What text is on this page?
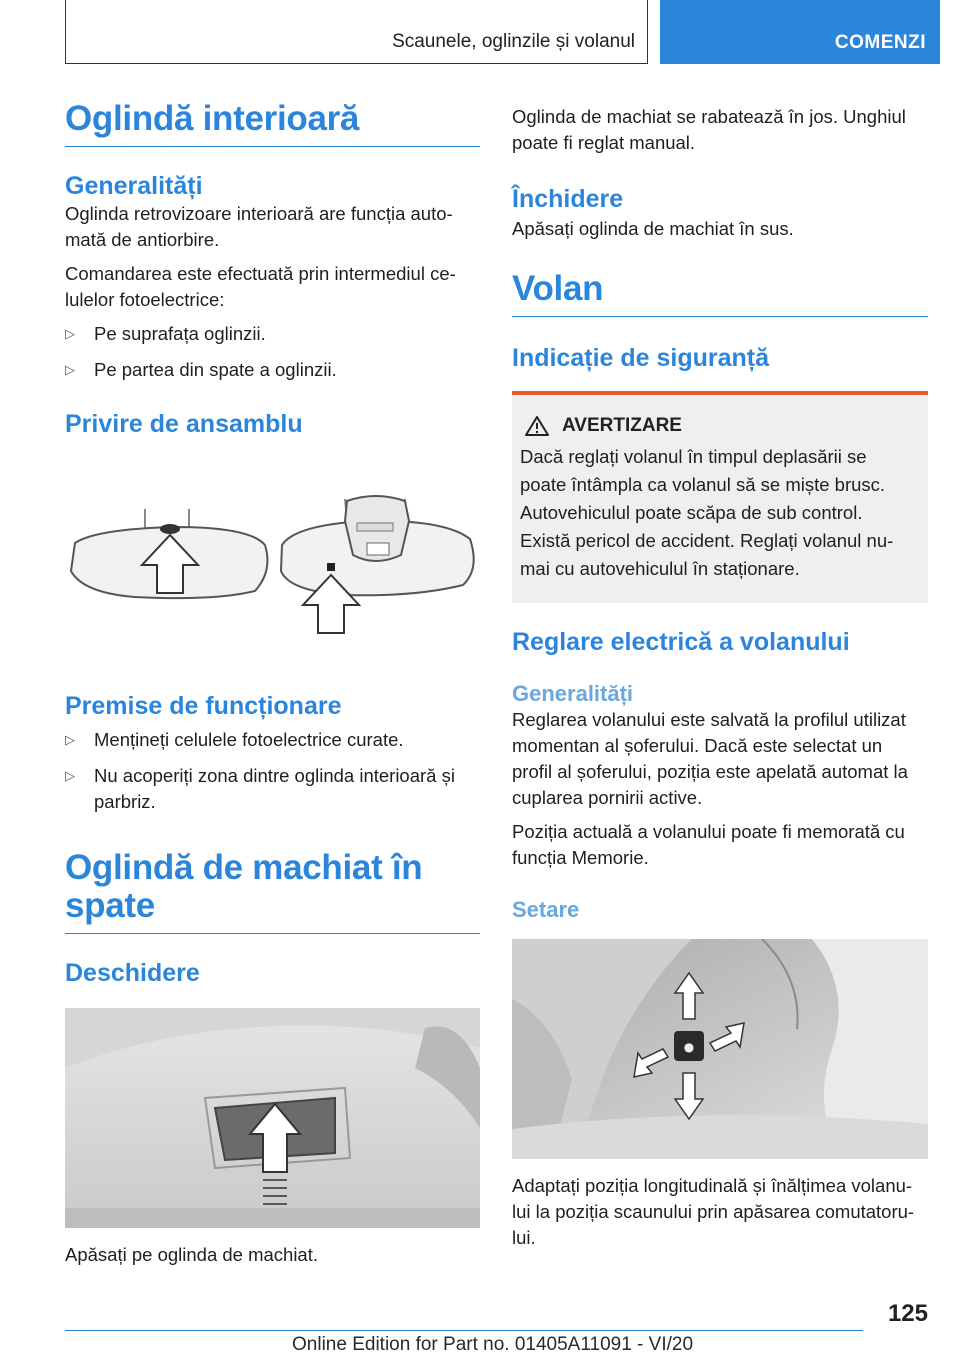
Scaunele, oglinzile și volanul	COMENZI
Oglindă interioară
Generalități

Oglinda retrovizoare interioară are funcția auto-
mată de antiorbire.

Comandarea este efectuată prin intermediul ce-
lulelor fotoelectrice:

▷ Pe suprafața oglinzii.
▷ Pe partea din spate a oglinzii.
Privire de ansamblu
Premise de funcționare
▷ Mențineți celulele fotoelectrice curate.
▷ Nu acoperiți zona dintre oglinda interioară și
parbriz.
Oglindă de machiat în
spate
Deschidere

Apăsați pe oglinda de machiat.

Oglinda de machiat se rabatează în jos. Unghiul
poate fi reglat manual.

Închidere

Apăsați oglinda de machiat în sus.

Volan
Indicație de siguranță
AVERTIZARE

Dacă reglați volanul în timpul deplasării se
poate întâmpla ca volanul să se miște brusc.
Autovehiculul poate scăpa de sub control.
Există pericol de accident. Reglați volanul nu-
mai cu autovehiculul în staționare.

Reglare electrică a volanului
Generalități

Reglarea volanului este salvată la profilul utilizat
momentan al șoferului. Dacă este selectat un
profil al șoferului, poziția este apelată automat la
cuplarea pornirii active.

Poziția actuală a volanului poate fi memorată cu
funcția Memorie.

Setare
●

Adaptați poziția longitudinală și înălțimea volanu-
lui la poziția scaunului prin apăsarea comutatoru-
lui.

125
Online Edition for Part no. 01405A11091 - VI/20
